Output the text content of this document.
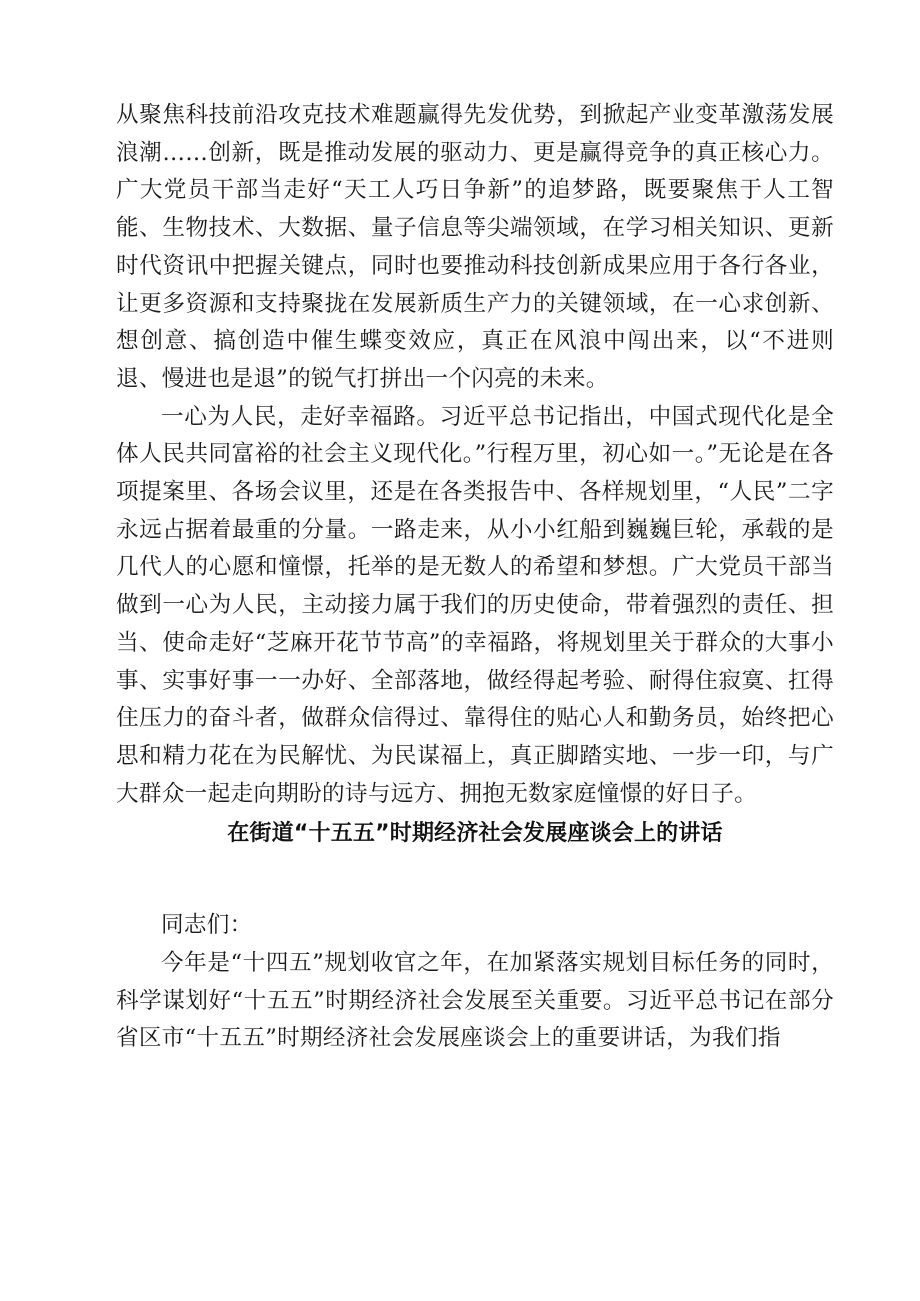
从聚焦科技前沿攻克技术难题赢得先发优势，到掀起产业变革激荡发展浪潮……创新，既是推动发展的驱动力、更是赢得竞争的真正核心力。广大党员干部当走好“天工人巧日争新”的追梦路，既要聚焦于人工智能、生物技术、大数据、量子信息等尖端领域，在学习相关知识、更新时代资讯中把握关键点，同时也要推动科技创新成果应用于各行各业，让更多资源和支持聚拢在发展新质生产力的关键领域，在一心求创新、想创意、搞创造中催生蝶变效应，真正在风浪中闯出来，以“不进则退、慢进也是退”的锐气打拼出一个闪亮的未来。

一心为人民，走好幸福路。习近平总书记指出，中国式现代化是全体人民共同富裕的社会主义现代化。”行程万里，初心如一。”无论是在各项提案里、各场会议里，还是在各类报告中、各样规划里，“人民”二字永远占据着最重的分量。一路走来，从小小红船到巍巍巨轮，承载的是几代人的心愿和憧憬，托举的是无数人的希望和梦想。广大党员干部当做到一心为人民，主动接力属于我们的历史使命，带着强烈的责任、担当、使命走好“芝麻开花节节高”的幸福路，将规划里关于群众的大事小事、实事好事一一办好、全部落地，做经得起考验、耐得住寂寞、扛得住压力的奋斗者，做群众信得过、靠得住的贴心人和勤务员，始终把心思和精力花在为民解忧、为民谋福上，真正脚踏实地、一步一印，与广大群众一起走向期盼的诗与远方、拥抱无数家庭憧憬的好日子。

在街道“十五五”时期经济社会发展座谈会上的讲话

同志们：

今年是“十四五”规划收官之年，在加紧落实规划目标任务的同时，科学谋划好“十五五”时期经济社会发展至关重要。习近平总书记在部分省区市“十五五”时期经济社会发展座谈会上的重要讲话，为我们指
